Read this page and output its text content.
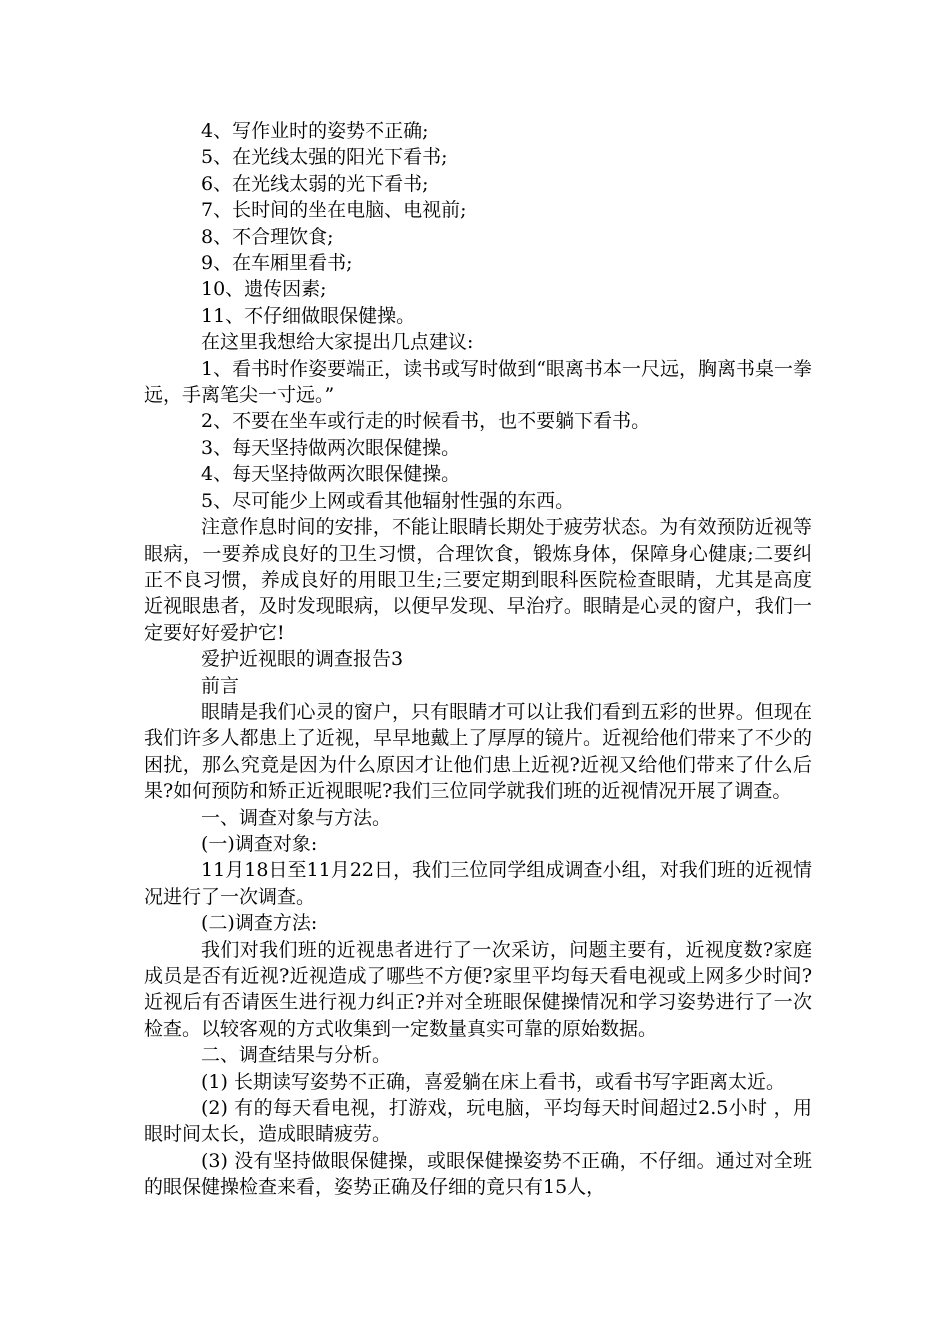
4、写作业时的姿势不正确;

5、在光线太强的阳光下看书;

6、在光线太弱的光下看书;

7、长时间的坐在电脑、电视前;

8、不合理饮食;

9、在车厢里看书;

10、遗传因素;

11、不仔细做眼保健操。

在这里我想给大家提出几点建议:

1、看书时作姿要端正，读书或写时做到“眼离书本一尺远，胸离书桌一拳远，手离笔尖一寸远。”

2、不要在坐车或行走的时候看书，也不要躺下看书。

3、每天坚持做两次眼保健操。

4、每天坚持做两次眼保健操。

5、尽可能少上网或看其他辐射性强的东西。

注意作息时间的安排，不能让眼睛长期处于疲劳状态。为有效预防近视等眼病，一要养成良好的卫生习惯，合理饮食，锻炼身体，保障身心健康;二要纠正不良习惯，养成良好的用眼卫生;三要定期到眼科医院检查眼睛，尤其是高度近视眼患者，及时发现眼病，以便早发现、早治疗。眼睛是心灵的窗户，我们一定要好好爱护它!

爱护近视眼的调查报告3

前言

眼睛是我们心灵的窗户，只有眼睛才可以让我们看到五彩的世界。但现在我们许多人都患上了近视，早早地戴上了厚厚的镜片。近视给他们带来了不少的困扰，那么究竟是因为什么原因才让他们患上近视?近视又给他们带来了什么后果?如何预防和矫正近视眼呢?我们三位同学就我们班的近视情况开展了调查。

一、调查对象与方法。

(一)调查对象:

11月18日至11月22日，我们三位同学组成调查小组，对我们班的近视情况进行了一次调查。

(二)调查方法:

我们对我们班的近视患者进行了一次采访，问题主要有，近视度数?家庭成员是否有近视?近视造成了哪些不方便?家里平均每天看电视或上网多少时间?近视后有否请医生进行视力纠正?并对全班眼保健操情况和学习姿势进行了一次检查。以较客观的方式收集到一定数量真实可靠的原始数据。

二、调查结果与分析。

(1) 长期读写姿势不正确，喜爱躺在床上看书，或看书写字距离太近。

(2) 有的每天看电视，打游戏，玩电脑，平均每天时间超过2.5小时 ，用眼时间太长，造成眼睛疲劳。

(3) 没有坚持做眼保健操，或眼保健操姿势不正确，不仔细。通过对全班的眼保健操检查来看，姿势正确及仔细的竟只有15人，
